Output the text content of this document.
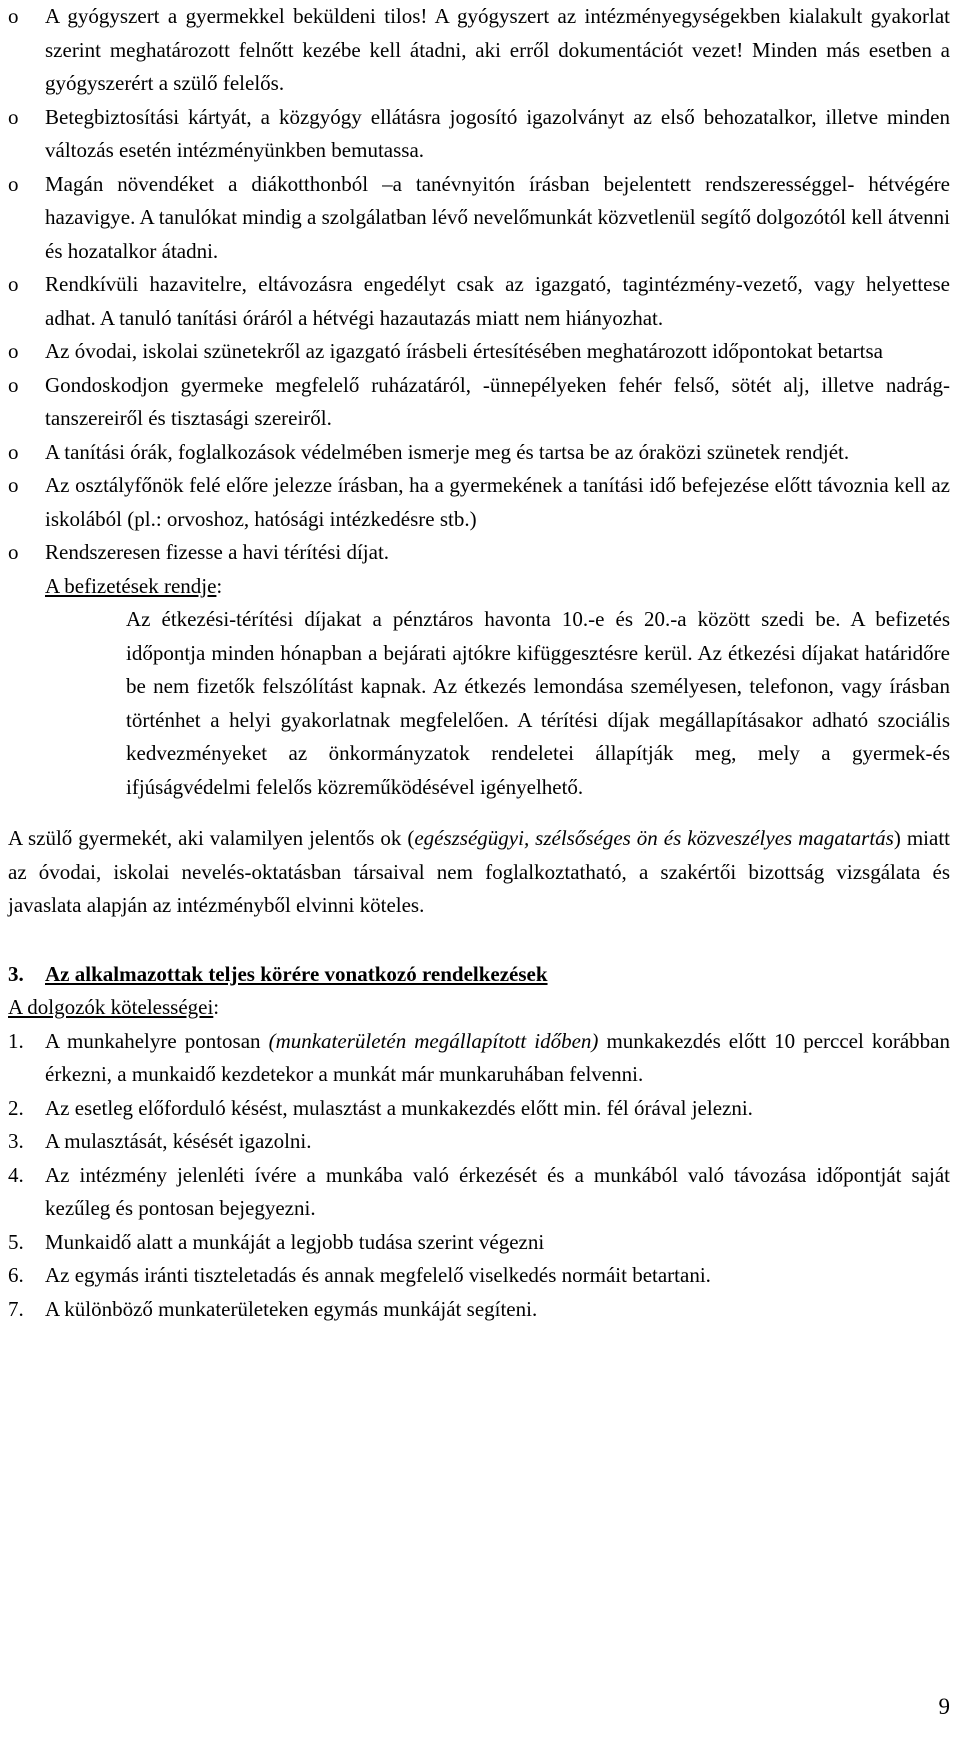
o A gyógyszert a gyermekkel beküldeni tilos! A gyógyszert az intézményegységekben kialakult gyakorlat szerint meghatározott felnőtt kezébe kell átadni, aki erről dokumentációt vezet! Minden más esetben a gyógyszerért a szülő felelős.
o Betegbiztosítási kártyát, a közgyógy ellátásra jogosító igazolványt az első behozatalkor, illetve minden változás esetén intézményünkben bemutassa.
o Magán növendéket a diákotthonból –a tanévnyitón írásban bejelentett rendszerességgel- hétvégére hazavigye. A tanulókat mindig a szolgálatban lévő nevelőmunkát közvetlenül segítő dolgozótól kell átvenni és hozatalkor átadni.
o Rendkívüli hazavitelre, eltávozásra engedélyt csak az igazgató, tagintézmény-vezető, vagy helyettese adhat. A tanuló tanítási óráról a hétvégi hazautazás miatt nem hiányozhat.
o Az óvodai, iskolai szünetekről az igazgató írásbeli értesítésében meghatározott időpontokat betartsa
o Gondoskodjon gyermeke megfelelő ruházatáról, -ünnepélyeken fehér felső, sötét alj, illetve nadrág- tanszereiről és tisztasági szereiről.
o A tanítási órák, foglalkozások védelmében ismerje meg és tartsa be az óraközi szünetek rendjét.
o Az osztályfőnök felé előre jelezze írásban, ha a gyermekének a tanítási idő befejezése előtt távoznia kell az iskolából (pl.: orvoshoz, hatósági intézkedésre stb.)
o Rendszeresen fizesse a havi térítési díjat.
A befizetések rendje:
Az étkezési-térítési díjakat a pénztáros havonta 10.-e és 20.-a között szedi be. A befizetés időpontja minden hónapban a bejárati ajtókre kifüggesztésre kerül. Az étkezési díjakat határidőre be nem fizetők felszólítást kapnak. Az étkezés lemondása személyesen, telefonon, vagy írásban történhet a helyi gyakorlatnak megfelelően. A térítési díjak megállapításakor adható szociális kedvezményeket az önkormányzatok rendeletei állapítják meg, mely a gyermek-és ifjúságvédelmi felelős közreműködésével igényelhető.
A szülő gyermekét, aki valamilyen jelentős ok (egészségügyi, szélsőséges ön és közveszélyes magatartás) miatt az óvodai, iskolai nevelés-oktatásban társaival nem foglalkoztatható, a szakértői bizottság vizsgálata és javaslata alapján az intézményből elvinni köteles.
3. Az alkalmazottak teljes körére vonatkozó rendelkezések
A dolgozók kötelességei:
1. A munkahelyre pontosan (munkaterületén megállapított időben) munkakezdés előtt 10 perccel korábban érkezni, a munkaidő kezdetekor a munkát már munkaruhában felvenni.
2. Az esetleg előforduló késést, mulasztást a munkakezdés előtt min. fél órával jelezni.
3. A mulasztását, késését igazolni.
4. Az intézmény jelenléti ívére a munkába való érkezését és a munkából való távozása időpontját saját kezűleg és pontosan bejegyezni.
5. Munkaidő alatt a munkáját a legjobb tudása szerint végezni
6. Az egymás iránti tiszteletadás és annak megfelelő viselkedés normáit betartani.
7. A különböző munkaterületeken egymás munkáját segíteni.
9
